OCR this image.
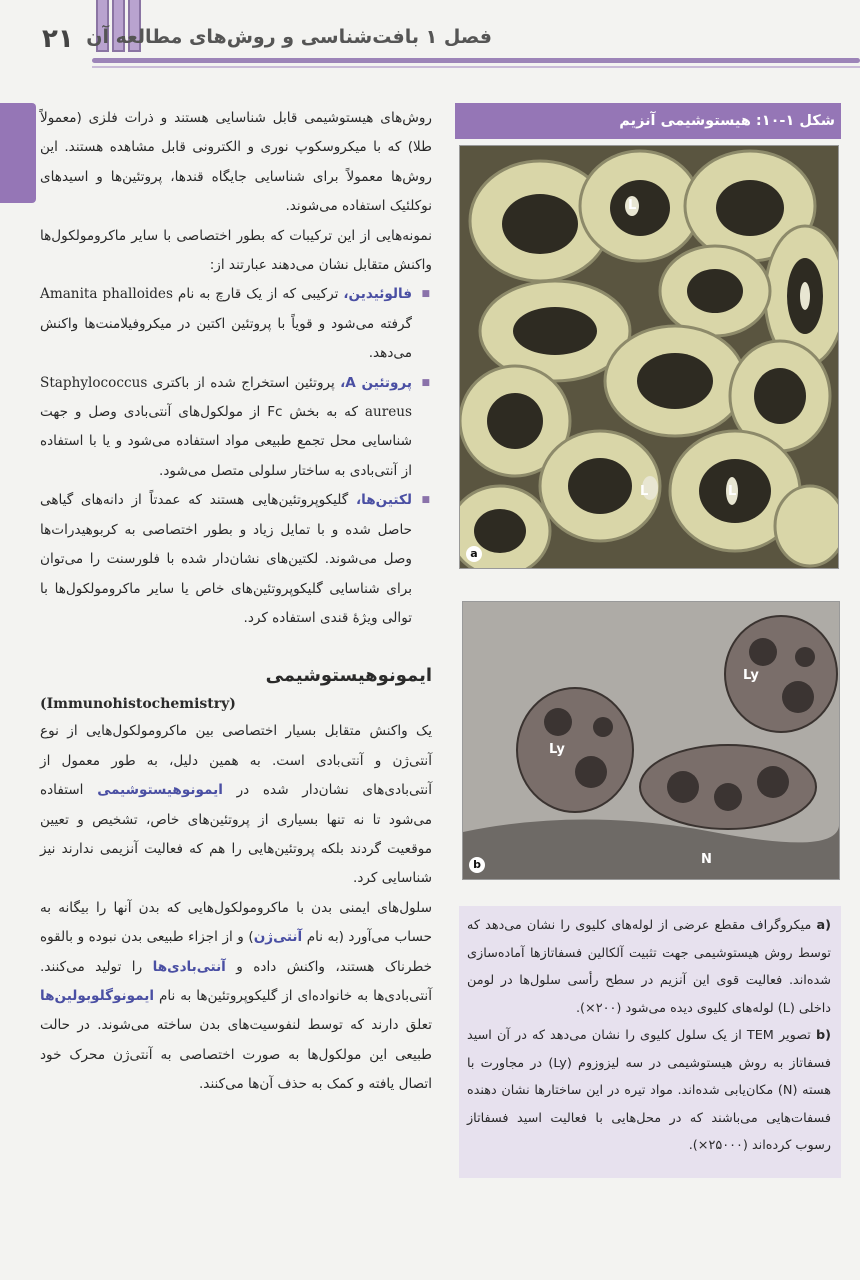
۲۱ فصل ۱ بافت‌شناسی و روش‌های مطالعه آن

روش‌های هیستوشیمی قابل شناسایی هستند و ذرات فلزی (معمولاً طلا) که با میکروسکوپ نوری و الکترونی قابل مشاهده هستند. این روش‌ها معمولاً برای شناسایی جایگاه قندها، پروتئین‌ها و اسیدهای نوکلئیک استفاده می‌شوند.

نمونه‌هایی از این ترکیبات که بطور اختصاصی با سایر ماکرومولکول‌ها واکنش متقابل نشان می‌دهند عبارتند از:

■ فالوئیدین، ترکیبی که از یک قارچ به نام Amanita phalloides گرفته می‌شود و قویاً با پروتئین اکتین در میکروفیلامنت‌ها واکنش می‌دهد.

■ پروتئین A، پروتئین استخراج شده از باکتری Staphylococcus aureus که به بخش Fc از مولکول‌های آنتی‌بادی وصل و جهت شناسایی محل تجمع طبیعی مواد استفاده می‌شود و یا با استفاده از آنتی‌بادی به ساختار سلولی متصل می‌شود.

■ لکتین‌ها، گلیکوپروتئین‌هایی هستند که عمدتاً از دانه‌های گیاهی حاصل شده و با تمایل زیاد و بطور اختصاصی به کربوهیدرات‌ها وصل می‌شوند. لکتین‌های نشان‌دار شده با فلورسنت را می‌توان برای شناسایی گلیکوپروتئین‌های خاص یا سایر ماکرومولکول‌ها با توالی ویژهٔ قندی استفاده کرد.

ایمونوهیستوشیمی

(Immunohistochemistry)

یک واکنش متقابل بسیار اختصاصی بین ماکرومولکول‌هایی از نوع آنتی‌ژن و آنتی‌بادی است. به همین دلیل، به طور معمول از آنتی‌بادی‌های نشان‌دار شده در ایمونوهیستوشیمی استفاده می‌شود تا نه تنها بسیاری از پروتئین‌های خاص، تشخیص و تعیین موقعیت گردند بلکه پروتئین‌هایی را هم که فعالیت آنزیمی ندارند نیز شناسایی کرد.

سلول‌های ایمنی بدن با ماکرومولکول‌هایی که بدن آنها را بیگانه به حساب می‌آورد (به نام آنتی‌ژن) و از اجزاء طبیعی بدن نبوده و بالقوه خطرناک هستند، واکنش داده و آنتی‌بادی‌ها را تولید می‌کنند. آنتی‌بادی‌ها به خانواده‌ای از گلیکوپروتئین‌ها به نام ایمونوگلوبولین‌ها تعلق دارند که توسط لنفوسیت‌های بدن ساخته می‌شوند. در حالت طبیعی این مولکول‌ها به صورت اختصاصی به آنتی‌ژن محرک خود اتصال یافته و کمک به حذف آن‌ها می‌کنند.

شکل ۱-۱۰: هیستوشیمی آنزیم
L
L	L
a
Ly
Ly
N
b

(a میکروگراف مقطع عرضی از لوله‌های کلیوی را نشان می‌دهد که توسط روش هیستوشیمی جهت تثبیت آلکالین فسفاتازها آماده‌سازی شده‌اند. فعالیت قوی این آنزیم در سطح رأسی سلول‌ها در لومن داخلی (L) لوله‌های کلیوی دیده می‌شود (۲۰۰×).

(b تصویر TEM از یک سلول کلیوی را نشان می‌دهد که در آن اسید فسفاتاز به روش هیستوشیمی در سه لیزوزوم (Ly) در مجاورت با هسته (N) مکان‌یابی شده‌اند. مواد تیره در این ساختارها نشان دهنده فسفات‌هایی می‌باشند که در محل‌هایی با فعالیت اسید فسفاتاز رسوب کرده‌اند (۲۵۰۰۰×).
